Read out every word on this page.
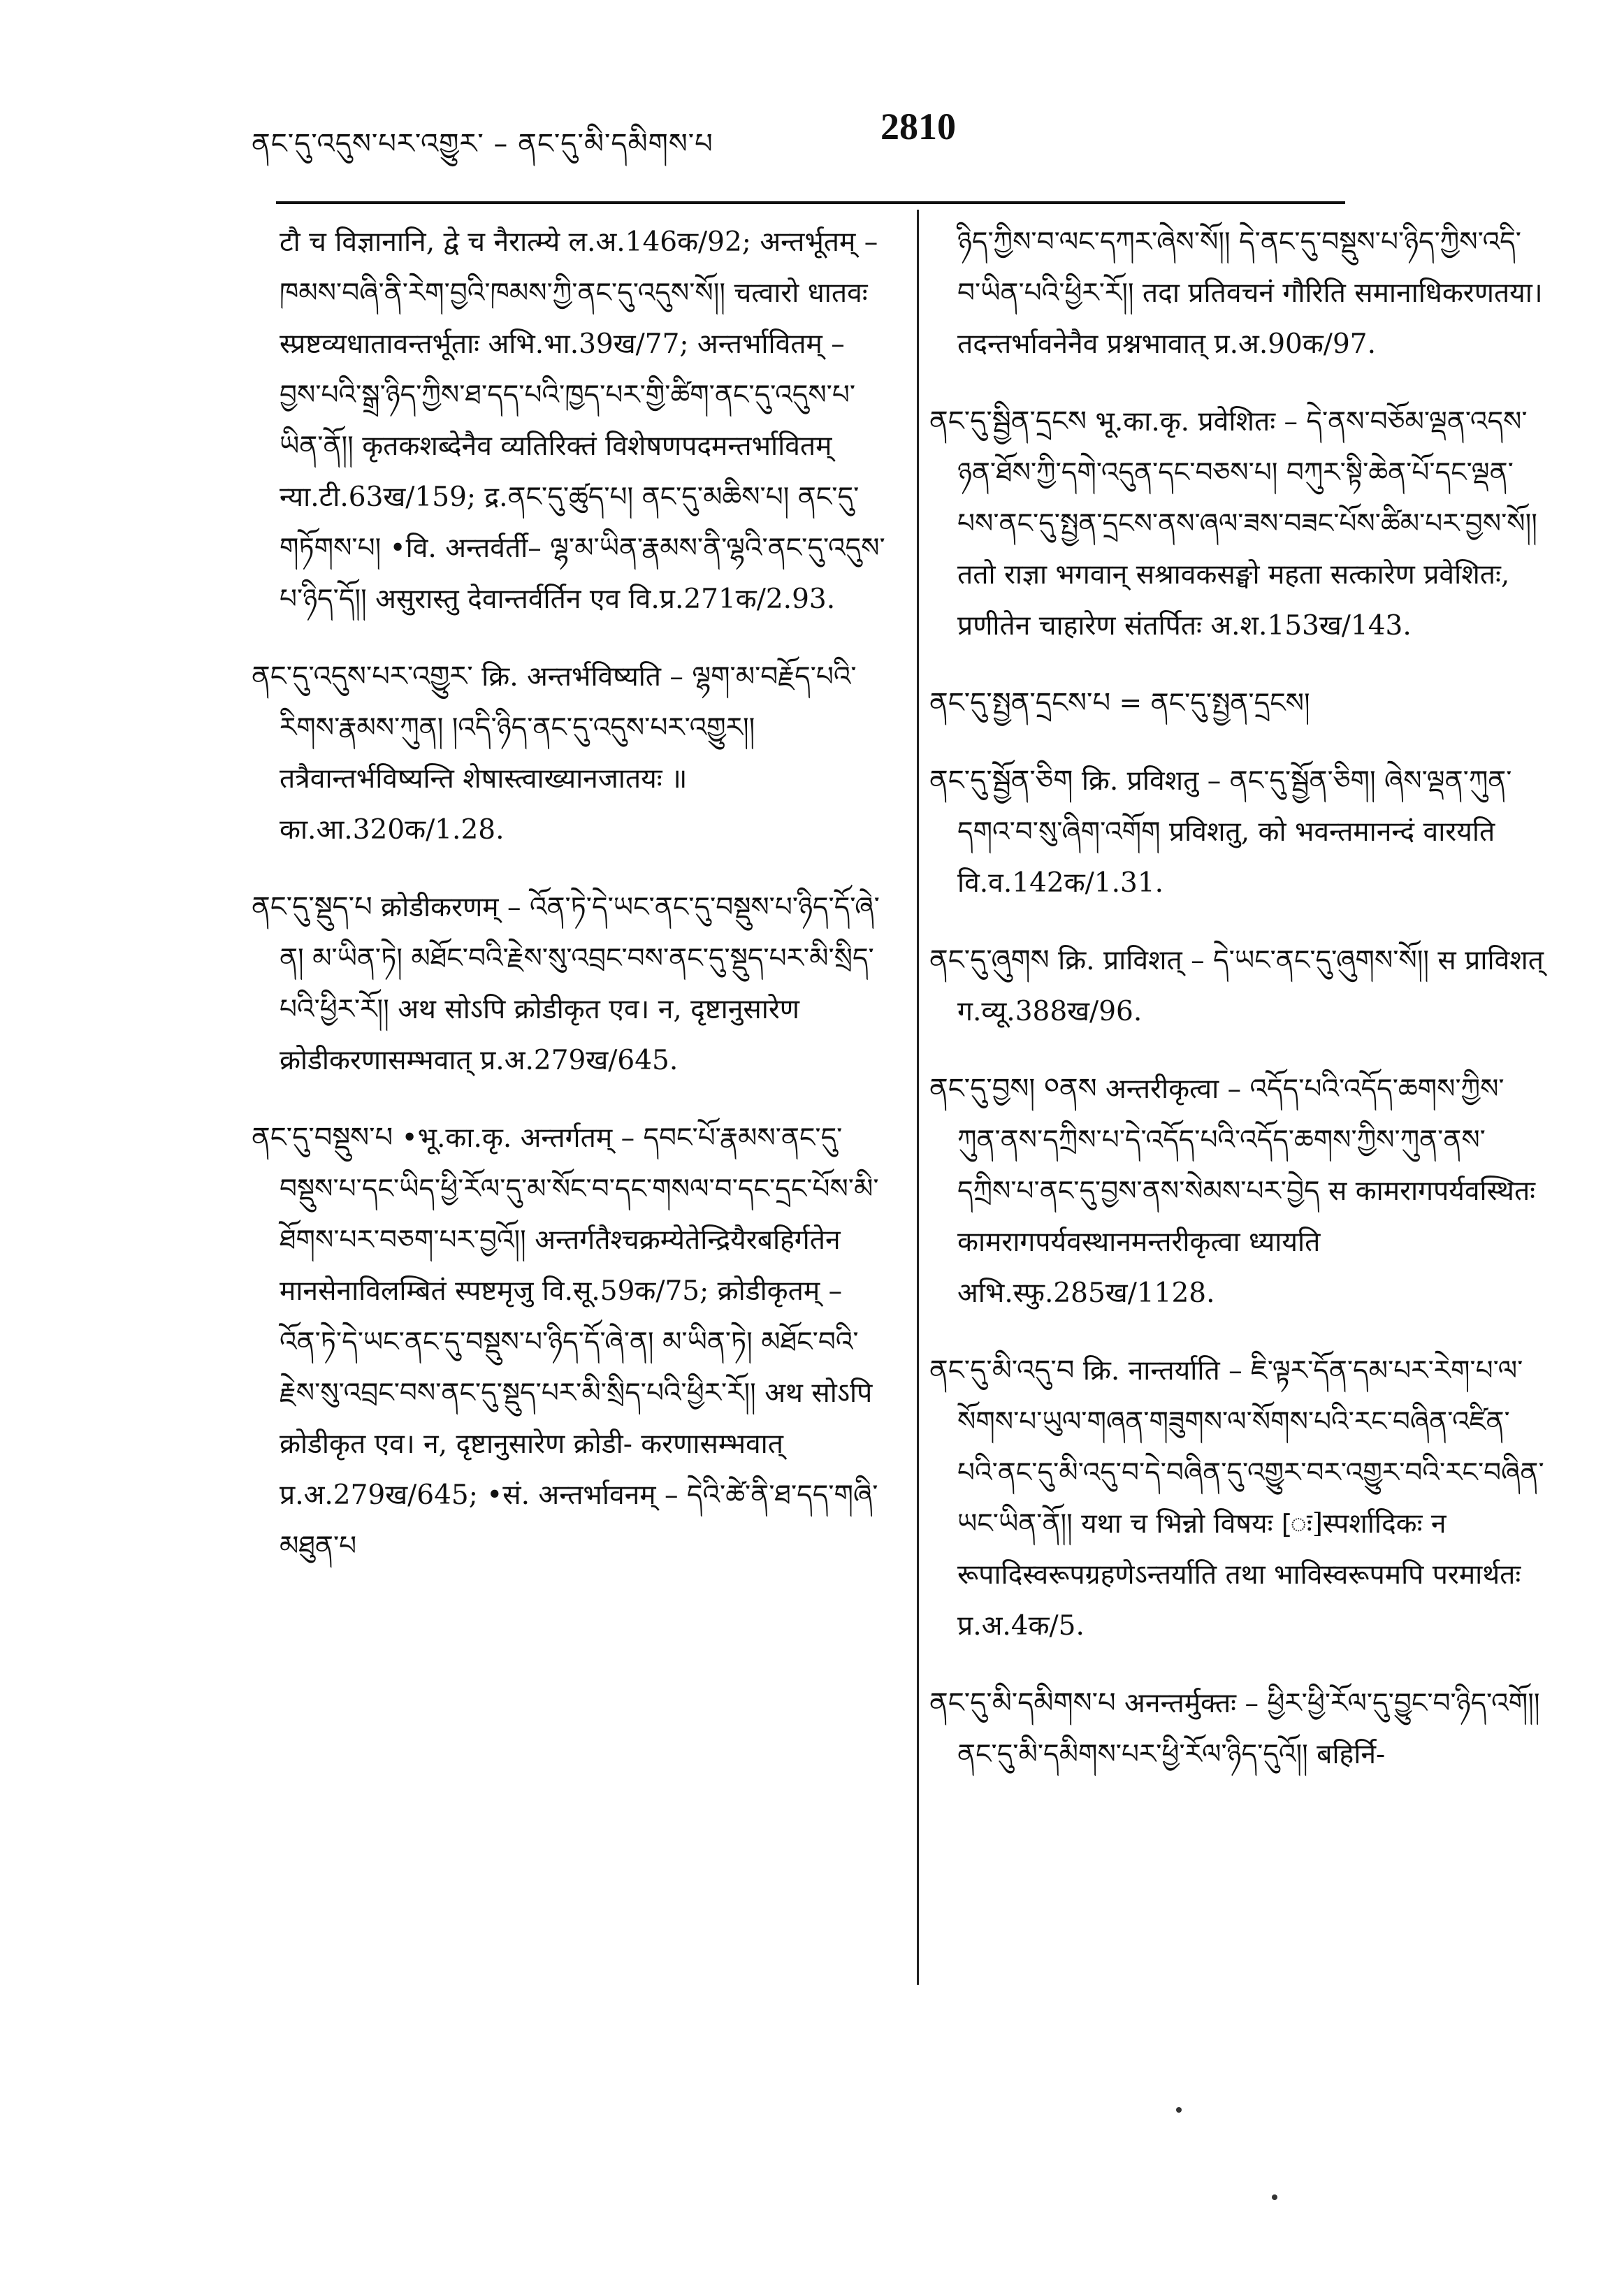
ནང་དུ་འདུས་པར་འགྱུར་ – ནང་དུ་མི་དམིགས་པ	2810

टौ च विज्ञानानि, द्वे च नैरात्म्ये ल.अ.146क/92; अन्तर्भूतम् – ཁམས་བཞི་ནི་རེག་བྱའི་ཁམས་ཀྱི་ནང་དུ་འདུས་སོ།། चत्वारो धातवः स्प्रष्टव्यधातावन्तर्भूताः अभि.भा.39ख/77; अन्तर्भावितम् – བྱས་པའི་སྒྲ་ཉིད་ཀྱིས་ཐ་དད་པའི་ཁྱད་པར་གྱི་ཚིག་ནང་དུ་འདུས་པ་ཡིན་ནོ།། कृतकशब्देनैव व्यतिरिक्तं विशेषणपदमन्तर्भावितम् न्या.टी.63ख/159; द्र.ནང་དུ་ཚུད་པ། ནང་དུ་མཆིས་པ། ནང་དུ་གཏོགས་པ། •वि. अन्तर्वर्ती– ལྷ་མ་ཡིན་རྣམས་ནི་ལྷའི་ནང་དུ་འདུས་པ་ཉིད་དོ།། असुरास्तु देवान्तर्वर्तिन एव वि.प्र.271क/2.93.

ནང་དུ་འདུས་པར་འགྱུར་ क्रि. अन्तर्भविष्यति – ལྷག་མ་བརྗོད་པའི་རིགས་རྣམས་ཀུན། །འདི་ཉིད་ནང་དུ་འདུས་པར་འགྱུར།། तत्रैवान्तर्भविष्यन्ति शेषास्त्वाख्यानजातयः ॥ का.आ.320क/1.28.

ནང་དུ་སྡུད་པ क्रोडीकरणम् – འོན་ཏེ་དེ་ཡང་ནང་དུ་བསྡུས་པ་ཉིད་དོ་ཞེ་ན། མ་ཡིན་ཏེ། མཐོང་བའི་རྗེས་སུ་འབྲང་བས་ནང་དུ་སྡུད་པར་མི་སྲིད་པའི་ཕྱིར་རོ།། अथ सोऽपि क्रोडीकृत एव। न, दृष्टानुसारेण क्रोडीकरणासम्भवात् प्र.अ.279ख/645.

ནང་དུ་བསྡུས་པ •भू.का.कृ. अन्तर्गतम् – དབང་པོ་རྣམས་ནང་དུ་བསྡུས་པ་དང་ཡིད་ཕྱི་རོལ་དུ་མ་སོང་བ་དང་གསལ་བ་དང་དྲང་པོས་མི་ཐོགས་པར་བཅག་པར་བྱའོ།། अन्तर्गतैश्चक्रम्येतेन्द्रियैरबहिर्गतेन मानसेनाविलम्बितं स्पष्टमृजु वि.सू.59क/75; क्रोडीकृतम् – འོན་ཏེ་དེ་ཡང་ནང་དུ་བསྡུས་པ་ཉིད་དོ་ཞེ་ན། མ་ཡིན་ཏེ། མཐོང་བའི་རྗེས་སུ་འབྲང་བས་ནང་དུ་སྡུད་པར་མི་སྲིད་པའི་ཕྱིར་རོ།། अथ सोऽपि क्रोडीकृत एव। न, दृष्टानुसारेण क्रोडी- करणासम्भवात् प्र.अ.279ख/645; •सं. अन्तर्भावनम् – དེའི་ཚེ་ནི་ཐ་དད་གཞི་མཐུན་པ

ཉིད་ཀྱིས་བ་ལང་དཀར་ཞེས་སོ།། དེ་ནང་དུ་བསྡུས་པ་ཉིད་ཀྱིས་འདི་བ་ཡིན་པའི་ཕྱིར་རོ།། तदा प्रतिवचनं गौरिति समानाधिकरणतया। तदन्तर्भावनेनैव प्रश्नभावात् प्र.अ.90क/97.

ནང་དུ་སྦྱིན་དྲངས भू.का.कृ. प्रवेशितः – དེ་ནས་བཅོམ་ལྡན་འདས་ཉན་ཐོས་ཀྱི་དགེ་འདུན་དང་བཅས་པ། བཀུར་སྟི་ཆེན་པོ་དང་ལྡན་པས་ནང་དུ་སྤྱན་དྲངས་ནས་ཞལ་ཟས་བཟང་པོས་ཚིམ་པར་བྱས་སོ།། ततो राज्ञा भगवान् सश्रावकसङ्घो महता सत्कारेण प्रवेशितः, प्रणीतेन चाहारेण संतर्पितः अ.श.153ख/143.

ནང་དུ་སྤྱན་དྲངས་པ = ནང་དུ་སྤྱན་དྲངས།

ནང་དུ་སྦྱོན་ཅིག क्रि. प्रविशतु – ནང་དུ་སྦྱོན་ཅིག། ཞེས་ལྡན་ཀུན་དགའ་བ་སུ་ཞིག་འགོག प्रविशतु, को भवन्तमानन्दं वारयति वि.व.142क/1.31.

ནང་དུ་ཞུགས क्रि. प्राविशत् – དེ་ཡང་ནང་དུ་ཞུགས་སོ།། स प्राविशत् ग.व्यू.388ख/96.

ནང་དུ་བྱས། ༠ནས अन्तरीकृत्वा – འདོད་པའི་འདོད་ཆགས་ཀྱིས་ཀུན་ནས་དཀྲིས་པ་དེ་འདོད་པའི་འདོད་ཆགས་ཀྱིས་ཀུན་ནས་དཀྲིས་པ་ནང་དུ་བྱས་ནས་སེམས་པར་བྱེད स कामरागपर्यवस्थितः कामरागपर्यवस्थानमन्तरीकृत्वा ध्यायति अभि.स्फु.285ख/1128.

ནང་དུ་མི་འདུ་བ क्रि. नान्तर्याति – ཇི་ལྟར་དོན་དམ་པར་རེག་པ་ལ་སོགས་པ་ཡུལ་གཞན་གཟུགས་ལ་སོགས་པའི་རང་བཞིན་འཛིན་པའི་ནང་དུ་མི་འདུ་བ་དེ་བཞིན་དུ་འགྱུར་བར་འགྱུར་བའི་རང་བཞིན་ཡང་ཡིན་ནོ།། यथा च भिन्नो विषयः [ः]स्पर्शादिकः न रूपादिस्वरूपग्रहणेऽन्तर्याति तथा भाविस्वरूपमपि परमार्थतः प्र.अ.4क/5.

ནང་དུ་མི་དམིགས་པ अनन्तर्मुक्तः – ཕྱིར་ཕྱི་རོལ་དུ་བྱུང་བ་ཉིད་འགོ།། ནང་དུ་མི་དམིགས་པར་ཕྱི་རོལ་ཉིད་དུའོ།། बहिर्नि-
